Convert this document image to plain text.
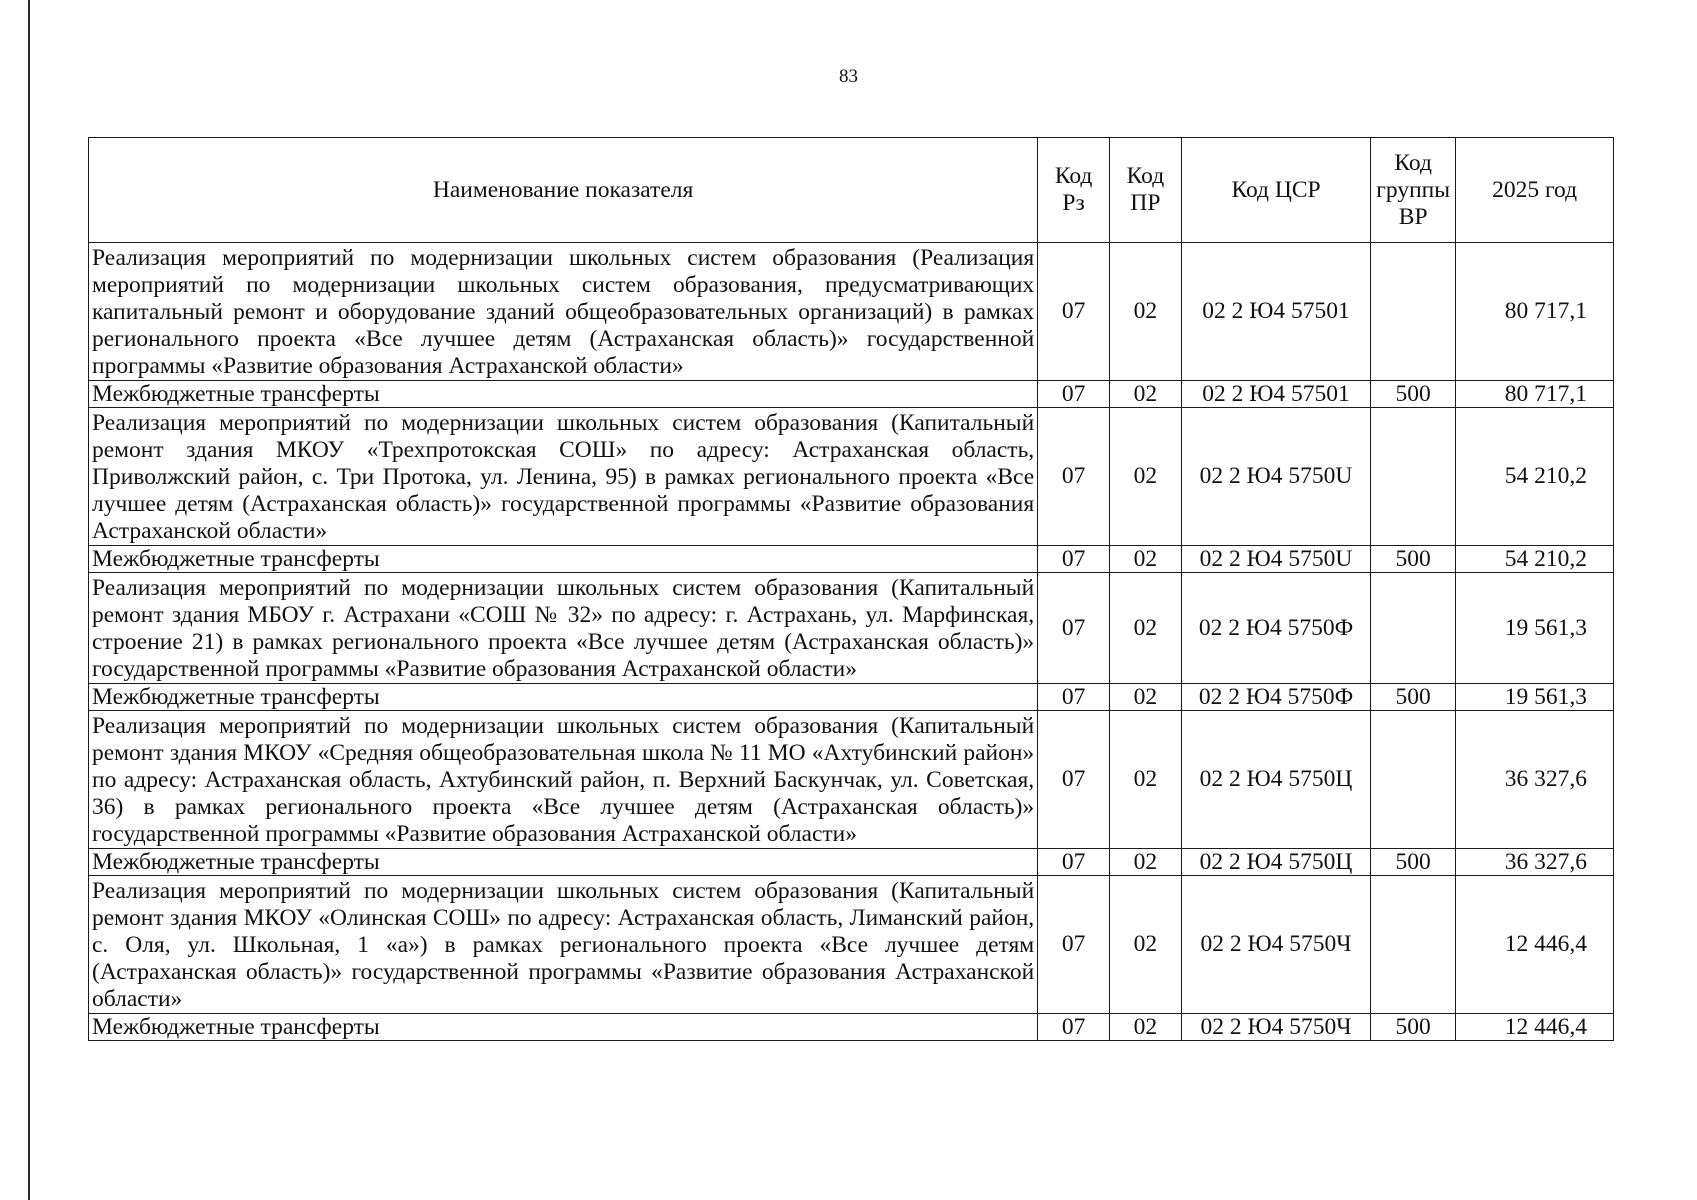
83
Наименование показателя	Код Рз	Код ПР	Код ЦСР	Код группы ВР	2025 год
Реализация мероприятий по модернизации школьных систем образования (Реализация мероприятий по модернизации школьных систем образования, предусматривающих капитальный ремонт и оборудование зданий общеобразовательных организаций) в рамках регионального проекта «Все лучшее детям (Астраханская область)» государственной программы «Развитие образования Астраханской области»	07	02	02 2 Ю4 57501		80 717,1
Межбюджетные трансферты	07	02	02 2 Ю4 57501	500	80 717,1
Реализация мероприятий по модернизации школьных систем образования (Капитальный ремонт здания МКОУ «Трехпротокская СОШ» по адресу: Астраханская область, Приволжский район, с. Три Протока, ул. Ленина, 95) в рамках регионального проекта «Все лучшее детям (Астраханская область)» государственной программы «Развитие образования Астраханской области»	07	02	02 2 Ю4 5750U		54 210,2
Межбюджетные трансферты	07	02	02 2 Ю4 5750U	500	54 210,2
Реализация мероприятий по модернизации школьных систем образования (Капитальный ремонт здания МБОУ г. Астрахани «СОШ № 32» по адресу: г. Астрахань, ул. Марфинская, строение 21) в рамках регионального проекта «Все лучшее детям (Астраханская область)» государственной программы «Развитие образования Астраханской области»	07	02	02 2 Ю4 5750Ф		19 561,3
Межбюджетные трансферты	07	02	02 2 Ю4 5750Ф	500	19 561,3
Реализация мероприятий по модернизации школьных систем образования (Капитальный ремонт здания МКОУ «Средняя общеобразовательная школа № 11 МО «Ахтубинский район» по адресу: Астраханская область, Ахтубинский район, п. Верхний Баскунчак, ул. Советская, 36) в рамках регионального проекта «Все лучшее детям (Астраханская область)» государственной программы «Развитие образования Астраханской области»	07	02	02 2 Ю4 5750Ц		36 327,6
Межбюджетные трансферты	07	02	02 2 Ю4 5750Ц	500	36 327,6
Реализация мероприятий по модернизации школьных систем образования (Капитальный ремонт здания МКОУ «Олинская СОШ» по адресу: Астраханская область, Лиманский район, с. Оля, ул. Школьная, 1 «а») в рамках регионального проекта «Все лучшее детям (Астраханская область)» государственной программы «Развитие образования Астраханской области»	07	02	02 2 Ю4 5750Ч		12 446,4
Межбюджетные трансферты	07	02	02 2 Ю4 5750Ч	500	12 446,4
